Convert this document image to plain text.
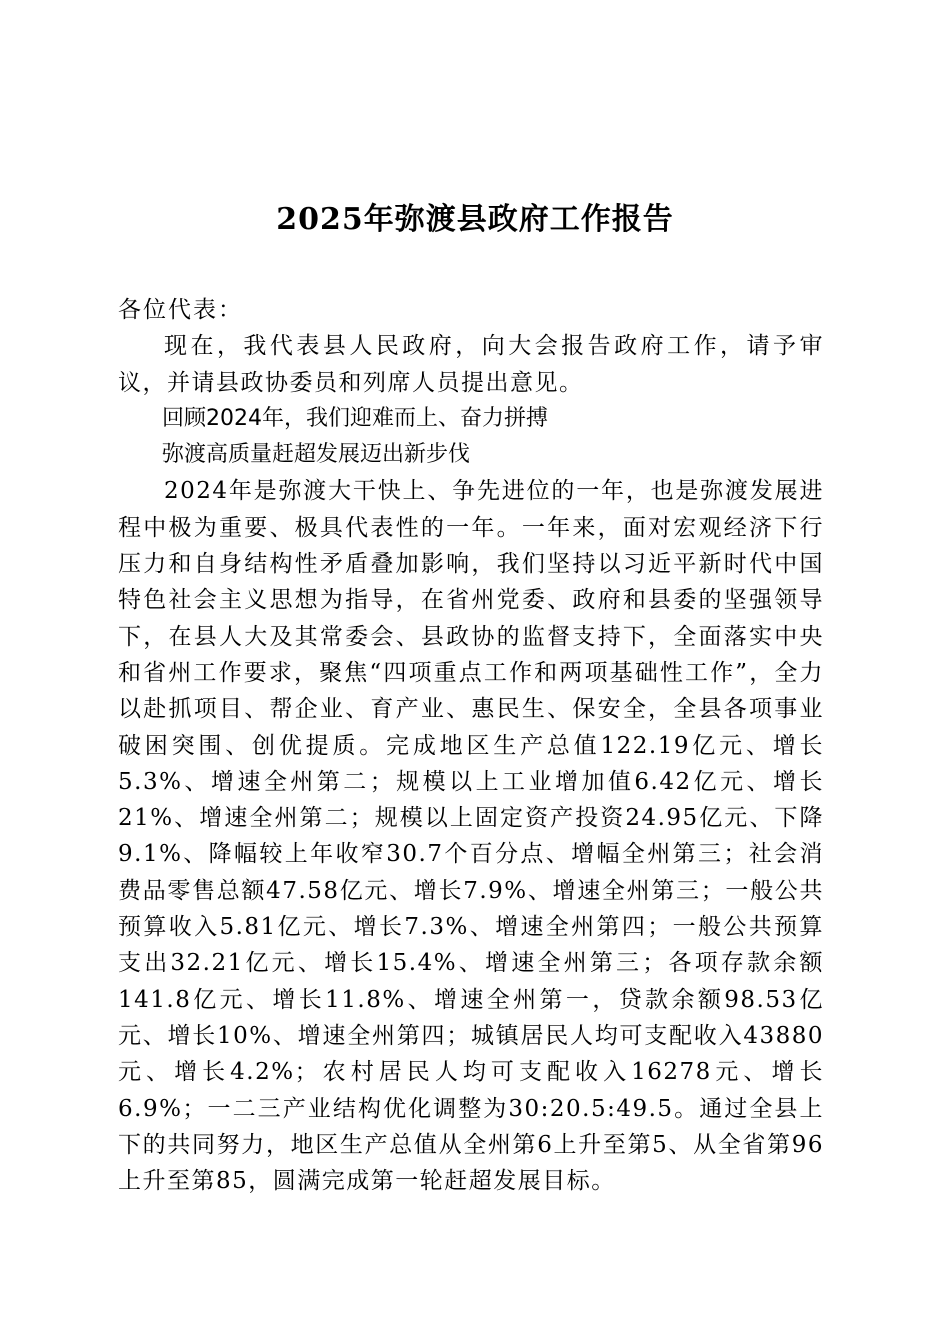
2025年弥渡县政府工作报告

各位代表：

现在，我代表县人民政府，向大会报告政府工作，请予审议，并请县政协委员和列席人员提出意见。

回顾2024年，我们迎难而上、奋力拼搏

弥渡高质量赶超发展迈出新步伐

2024年是弥渡大干快上、争先进位的一年，也是弥渡发展进程中极为重要、极具代表性的一年。一年来，面对宏观经济下行压力和自身结构性矛盾叠加影响，我们坚持以习近平新时代中国特色社会主义思想为指导，在省州党委、政府和县委的坚强领导下，在县人大及其常委会、县政协的监督支持下，全面落实中央和省州工作要求，聚焦“四项重点工作和两项基础性工作”，全力以赴抓项目、帮企业、育产业、惠民生、保安全，全县各项事业破困突围、创优提质。完成地区生产总值122.19亿元、增长5.3%、增速全州第二；规模以上工业增加值6.42亿元、增长21%、增速全州第二；规模以上固定资产投资24.95亿元、下降9.1%、降幅较上年收窄30.7个百分点、增幅全州第三；社会消费品零售总额47.58亿元、增长7.9%、增速全州第三；一般公共预算收入5.81亿元、增长7.3%、增速全州第四；一般公共预算支出32.21亿元、增长15.4%、增速全州第三；各项存款余额141.8亿元、增长11.8%、增速全州第一，贷款余额98.53亿元、增长10%、增速全州第四；城镇居民人均可支配收入43880元、增长4.2%；农村居民人均可支配收入16278元、增长6.9%；一二三产业结构优化调整为30:20.5:49.5。通过全县上下的共同努力，地区生产总值从全州第6上升至第5、从全省第96上升至第85，圆满完成第一轮赶超发展目标。
